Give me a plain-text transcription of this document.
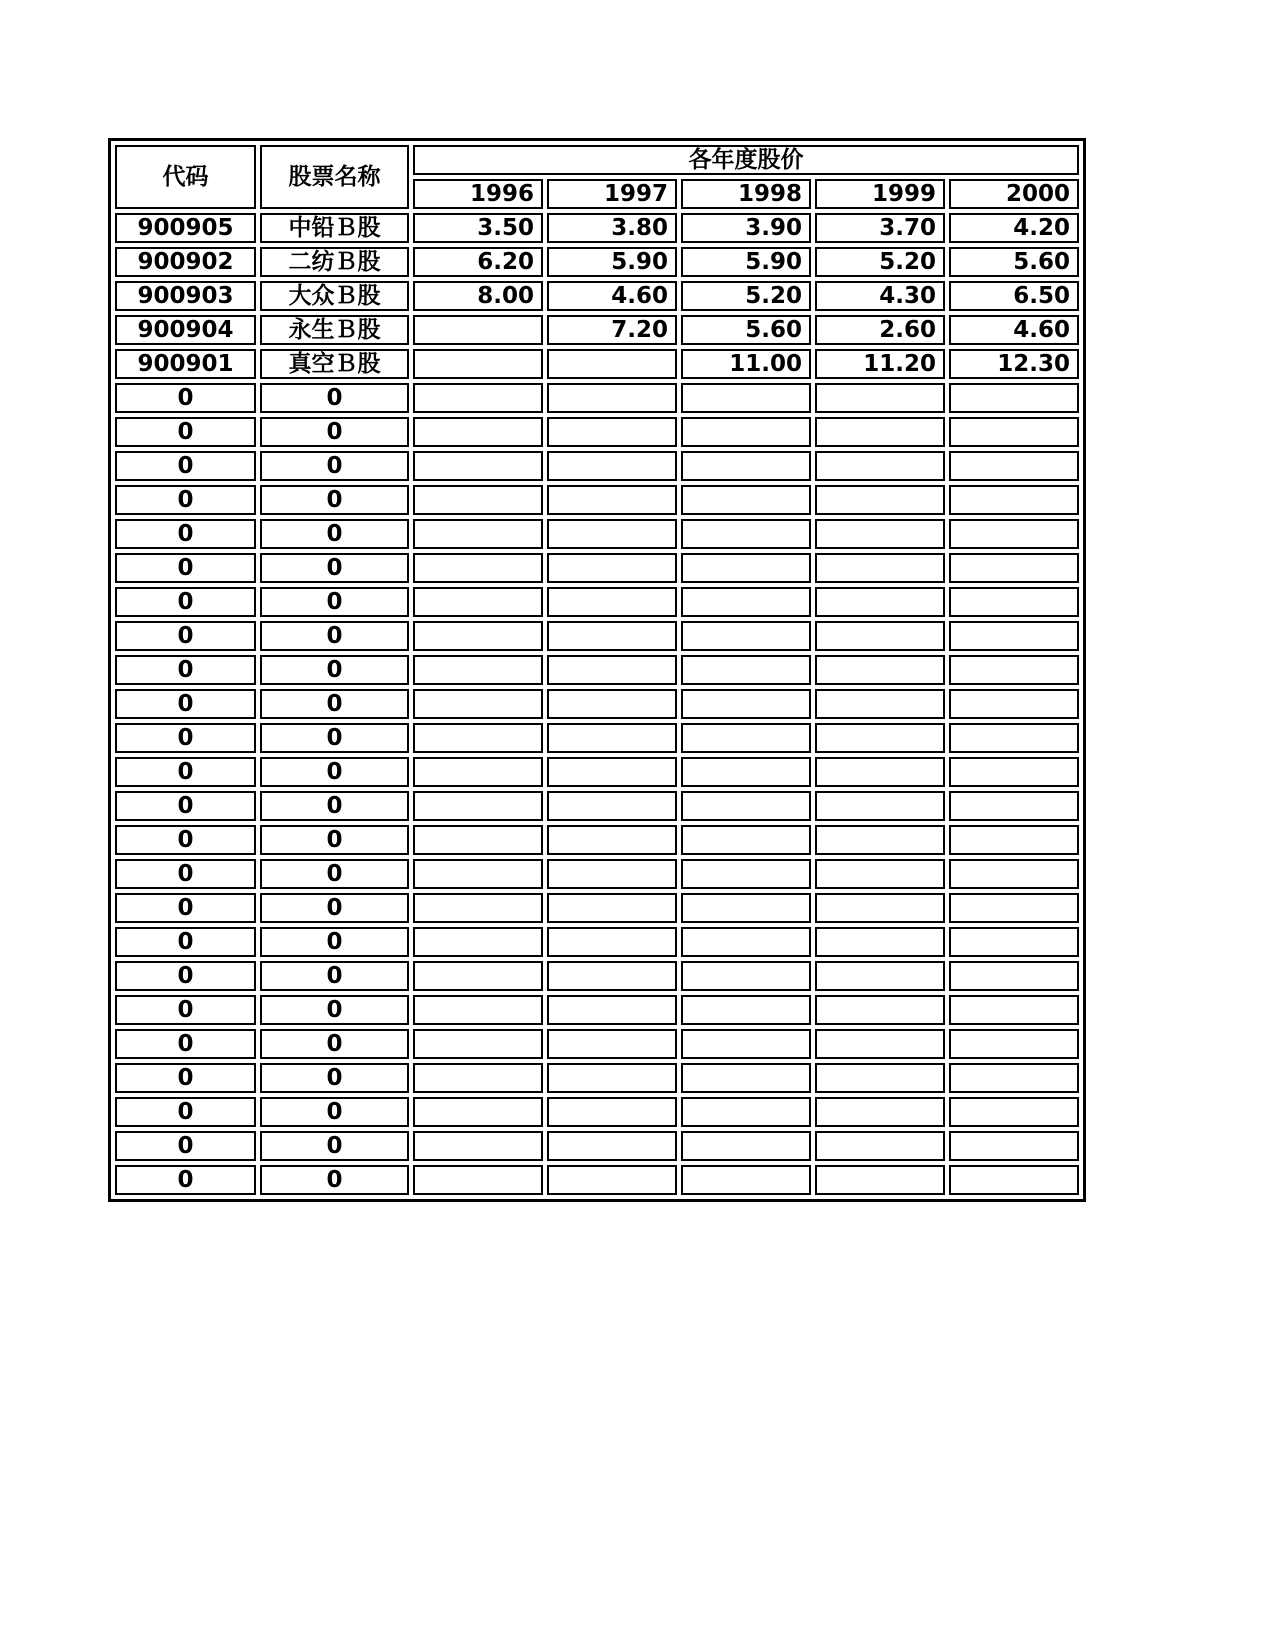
代码	股票名称	各年度股价				
		1996	1997	1998	1999	2000
900905	中铅Ｂ股	3.50	3.80	3.90	3.70	4.20
900902	二纺Ｂ股	6.20	5.90	5.90	5.20	5.60
900903	大众Ｂ股	8.00	4.60	5.20	4.30	6.50
900904	永生Ｂ股		7.20	5.60	2.60	4.60
900901	真空Ｂ股			11.00	11.20	12.30
0	0					
0	0					
0	0					
0	0					
0	0					
0	0					
0	0					
0	0					
0	0					
0	0					
0	0					
0	0					
0	0					
0	0					
0	0					
0	0					
0	0					
0	0					
0	0					
0	0					
0	0					
0	0					
0	0					
0	0					
